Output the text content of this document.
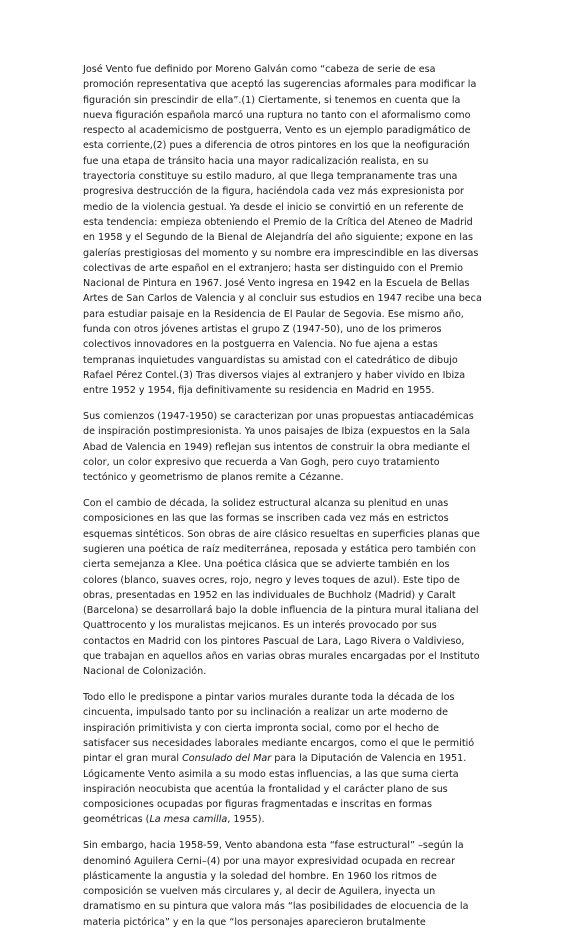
José Vento fue definido por Moreno Galván como “cabeza de serie de esa promoción representativa que aceptó las sugerencias aformales para modificar la figuración sin prescindir de ella”.(1) Ciertamente, si tenemos en cuenta que la nueva figuración española marcó una ruptura no tanto con el aformalismo como respecto al academicismo de postguerra, Vento es un ejemplo paradigmático de esta corriente,(2) pues a diferencia de otros pintores en los que la neofiguración fue una etapa de tránsito hacia una mayor radicalización realista, en su trayectoria constituye su estilo maduro, al que llega tempranamente tras una progresiva destrucción de la figura, haciéndola cada vez más expresionista por medio de la violencia gestual. Ya desde el inicio se convirtió en un referente de esta tendencia: empieza obteniendo el Premio de la Crítica del Ateneo de Madrid en 1958 y el Segundo de la Bienal de Alejandría del año siguiente; expone en las galerías prestigiosas del momento y su nombre era imprescindible en las diversas colectivas de arte español en el extranjero; hasta ser distinguido con el Premio Nacional de Pintura en 1967. José Vento ingresa en 1942 en la Escuela de Bellas Artes de San Carlos de Valencia y al concluir sus estudios en 1947 recibe una beca para estudiar paisaje en la Residencia de El Paular de Segovia. Ese mismo año, funda con otros jóvenes artistas el grupo Z (1947-50), uno de los primeros colectivos innovadores en la postguerra en Valencia. No fue ajena a estas tempranas inquietudes vanguardistas su amistad con el catedrático de dibujo Rafael Pérez Contel.(3) Tras diversos viajes al extranjero y haber vivido en Ibiza entre 1952 y 1954, fija definitivamente su residencia en Madrid en 1955.

Sus comienzos (1947-1950) se caracterizan por unas propuestas antiacadémicas de inspiración postimpresionista. Ya unos paisajes de Ibiza (expuestos en la Sala Abad de Valencia en 1949) reflejan sus intentos de construir la obra mediante el color, un color expresivo que recuerda a Van Gogh, pero cuyo tratamiento tectónico y geometrismo de planos remite a Cézanne.

Con el cambio de década, la solidez estructural alcanza su plenitud en unas composiciones en las que las formas se inscriben cada vez más en estrictos esquemas sintéticos. Son obras de aire clásico resueltas en superficies planas que sugieren una poética de raíz mediterránea, reposada y estática pero también con cierta semejanza a Klee. Una poética clásica que se advierte también en los colores (blanco, suaves ocres, rojo, negro y leves toques de azul). Este tipo de obras, presentadas en 1952 en las individuales de Buchholz (Madrid) y Caralt (Barcelona) se desarrollará bajo la doble influencia de la pintura mural italiana del Quattrocento y los muralistas mejicanos. Es un interés provocado por sus contactos en Madrid con los pintores Pascual de Lara, Lago Rivera o Valdivieso, que trabajan en aquellos años en varias obras murales encargadas por el Instituto Nacional de Colonización.

Todo ello le predispone a pintar varios murales durante toda la década de los cincuenta, impulsado tanto por su inclinación a realizar un arte moderno de inspiración primitivista y con cierta impronta social, como por el hecho de satisfacer sus necesidades laborales mediante encargos, como el que le permitió pintar el gran mural Consulado del Mar para la Diputación de Valencia en 1951. Lógicamente Vento asimila a su modo estas influencias, a las que suma cierta inspiración neocubista que acentúa la frontalidad y el carácter plano de sus composiciones ocupadas por figuras fragmentadas e inscritas en formas geométricas (La mesa camilla, 1955).

Sin embargo, hacia 1958-59, Vento abandona esta “fase estructural” –según la denominó Aguilera Cerni–(4) por una mayor expresividad ocupada en recrear plásticamente la angustia y la soledad del hombre. En 1960 los ritmos de composición se vuelven más circulares y, al decir de Aguilera, inyecta un dramatismo en su pintura que valora más “las posibilidades de elocuencia de la materia pictórica” y en la que “los personajes aparecieron brutalmente
